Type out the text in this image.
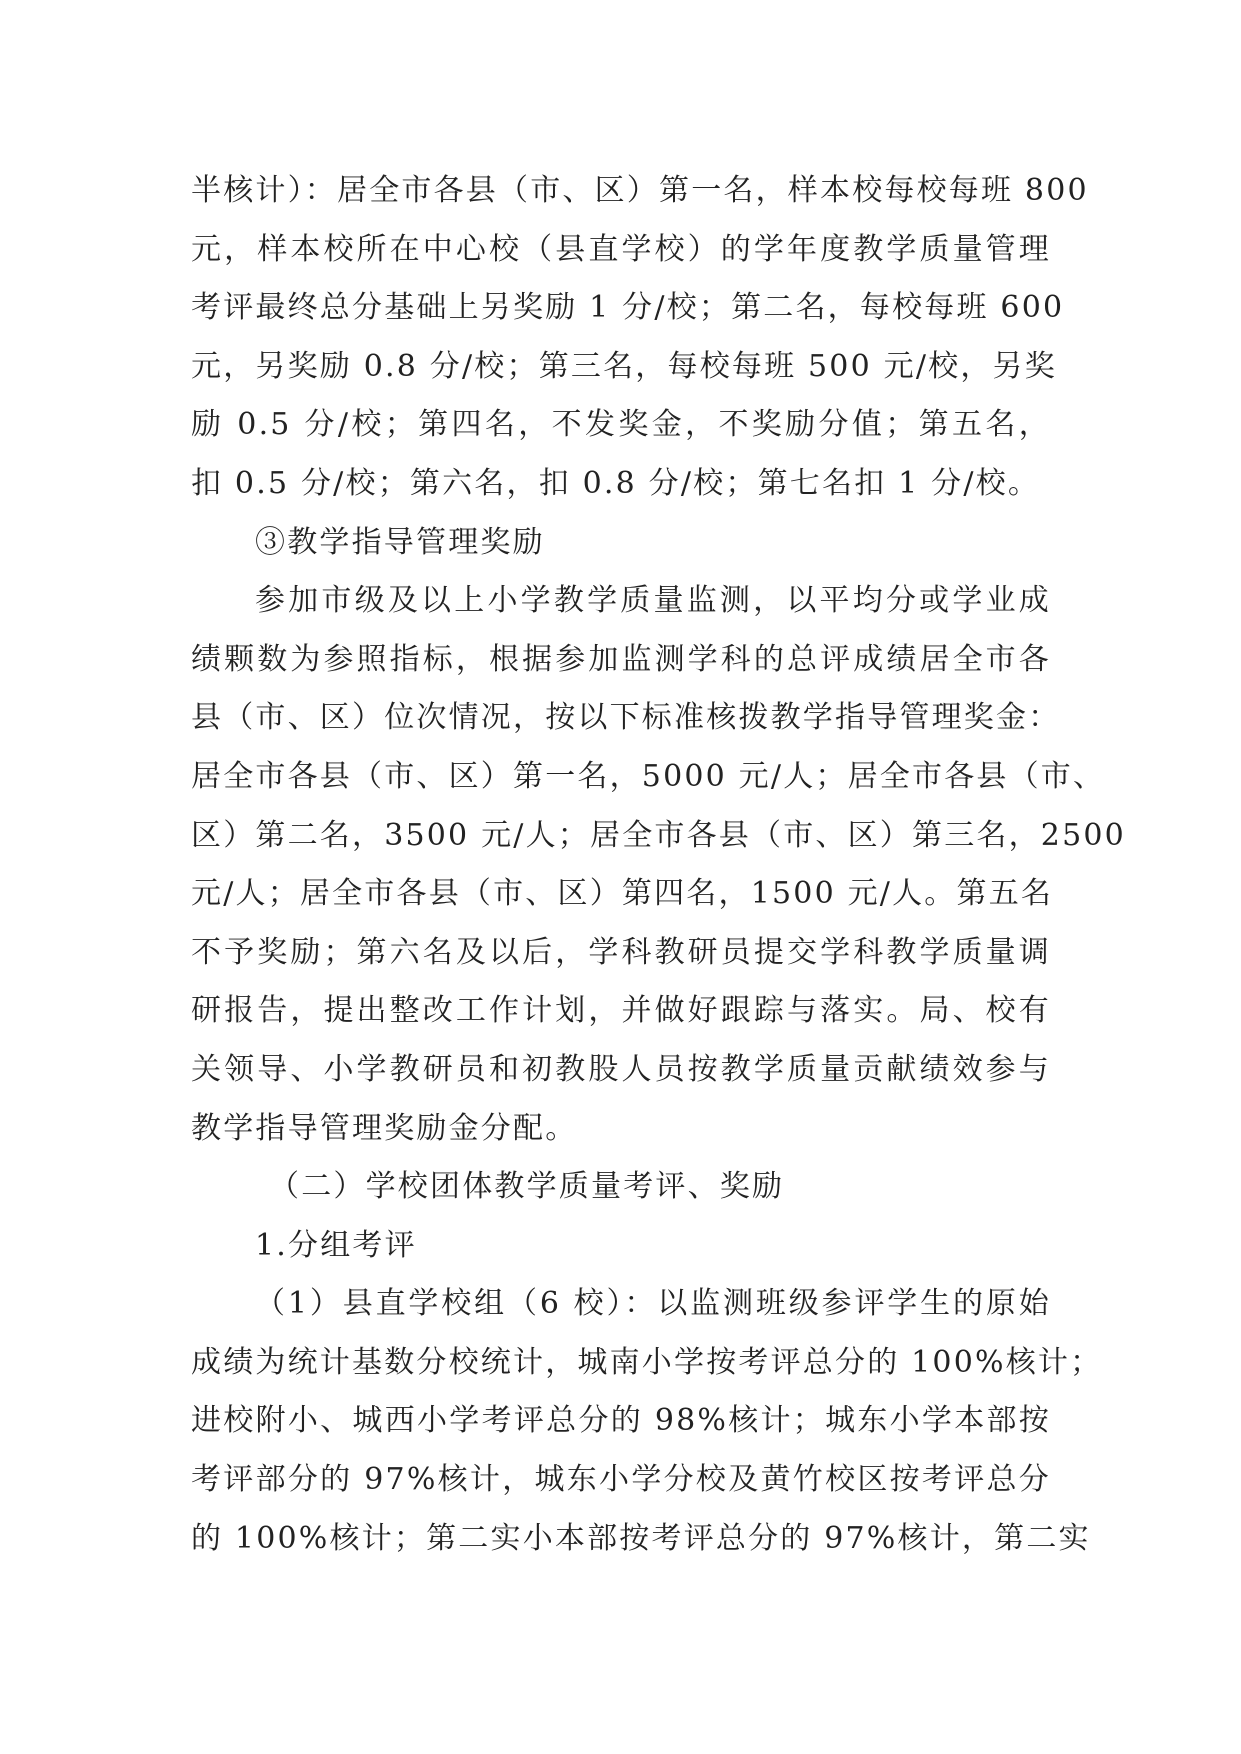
半核计）：居全市各县（市、区）第一名，样本校每校每班 800
元，样本校所在中心校（县直学校）的学年度教学质量管理
考评最终总分基础上另奖励 1 分/校；第二名，每校每班 600
元，另奖励 0.8 分/校；第三名，每校每班 500 元/校，另奖
励 0.5 分/校；第四名，不发奖金，不奖励分值；第五名，
扣 0.5 分/校；第六名，扣 0.8 分/校；第七名扣 1 分/校。
③教学指导管理奖励
参加市级及以上小学教学质量监测，以平均分或学业成
绩颗数为参照指标，根据参加监测学科的总评成绩居全市各
县（市、区）位次情况，按以下标准核拨教学指导管理奖金：
居全市各县（市、区）第一名，5000 元/人；居全市各县（市、
区）第二名，3500 元/人；居全市各县（市、区）第三名，2500
元/人；居全市各县（市、区）第四名，1500 元/人。第五名
不予奖励；第六名及以后，学科教研员提交学科教学质量调
研报告，提出整改工作计划，并做好跟踪与落实。局、校有
关领导、小学教研员和初教股人员按教学质量贡献绩效参与
教学指导管理奖励金分配。
（二）学校团体教学质量考评、奖励
1.分组考评
（1）县直学校组（6 校）：以监测班级参评学生的原始
成绩为统计基数分校统计，城南小学按考评总分的 100%核计；
进校附小、城西小学考评总分的 98%核计；城东小学本部按
考评部分的 97%核计，城东小学分校及黄竹校区按考评总分
的 100%核计；第二实小本部按考评总分的 97%核计，第二实
